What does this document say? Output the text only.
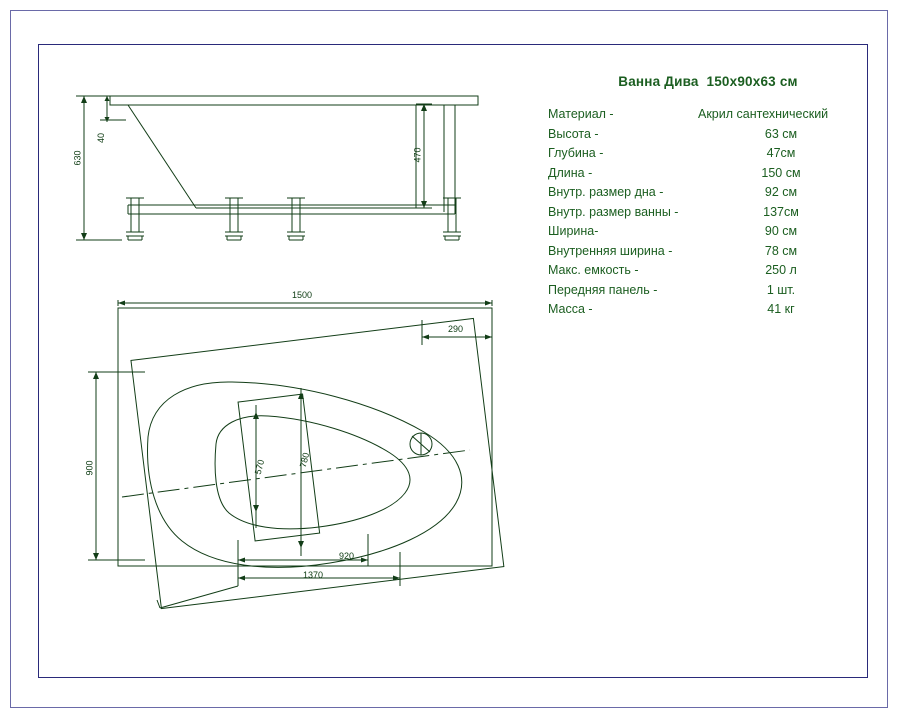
630
40
470
1500
290
900	780
570
920
1370
Ванна Дива  150х90х63 см
Материал -	Акрил сантехнический
Высота -	63 см
Глубина -	47см
Длина -	150 см
Внутр. размер дна -	92 см
Внутр. размер ванны -	137см
Ширина-	90 см
Внутренняя ширина -	78 см
Макс. емкость -	250 л
Передняя панель -	1 шт.
Масса -	41 кг
